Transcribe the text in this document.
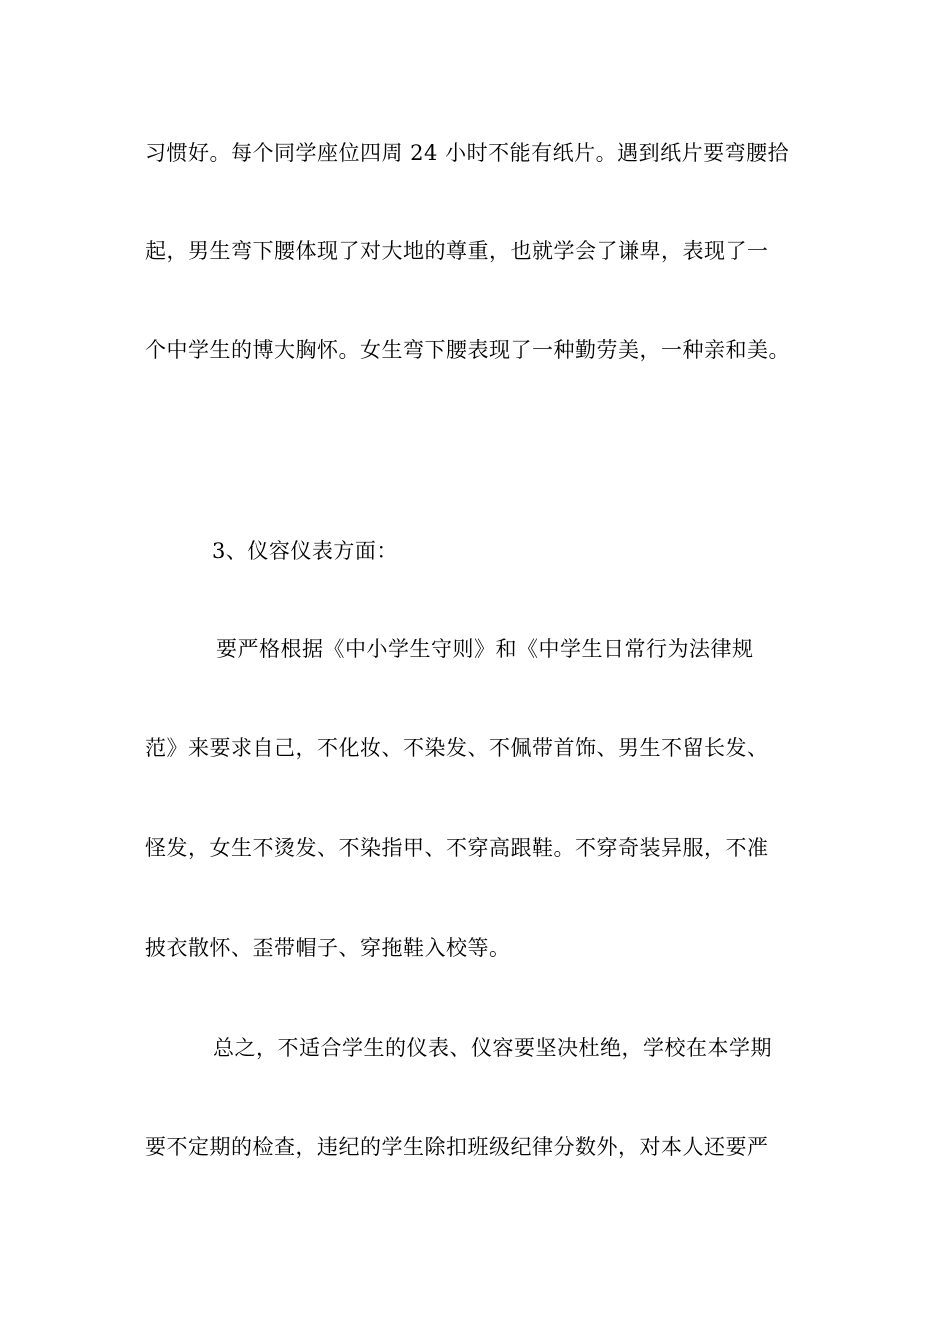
习惯好。每个同学座位四周 24 小时不能有纸片。遇到纸片要弯腰拾
起，男生弯下腰体现了对大地的尊重，也就学会了谦卑，表现了一
个中学生的博大胸怀。女生弯下腰表现了一种勤劳美，一种亲和美。
3、仪容仪表方面：
要严格根据《中小学生守则》和《中学生日常行为法律规
范》来要求自己，不化妆、不染发、不佩带首饰、男生不留长发、
怪发，女生不烫发、不染指甲、不穿高跟鞋。不穿奇装异服，不准
披衣散怀、歪带帽子、穿拖鞋入校等。
总之，不适合学生的仪表、仪容要坚决杜绝，学校在本学期
要不定期的检查，违纪的学生除扣班级纪律分数外，对本人还要严
